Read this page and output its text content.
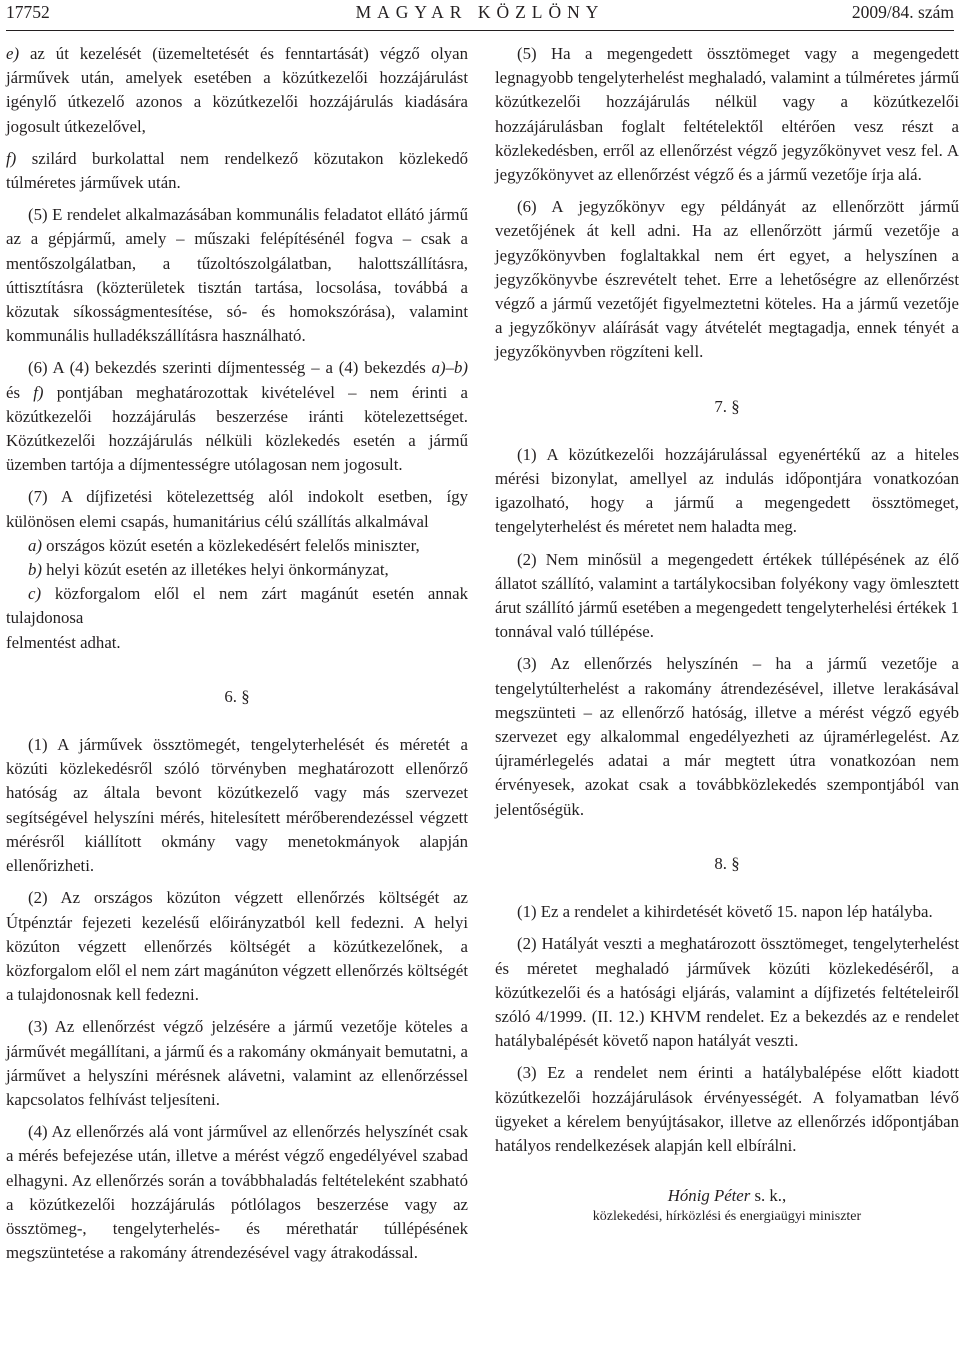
17752	MAGYAR KÖZLÖNY	2009/84. szám

e) az út kezelését (üzemeltetését és fenntartását) végző olyan járművek után, amelyek esetében a közútkezelői hozzájárulást igénylő útkezelő azonos a közútkezelői hozzájárulás kiadására jogosult útkezelővel,

f) szilárd burkolattal nem rendelkező közutakon közlekedő túlméretes járművek után.

(5) E rendelet alkalmazásában kommunális feladatot ellátó jármű az a gépjármű, amely – műszaki felépítésénél fogva – csak a mentőszolgálatban, a tűzoltószolgálatban, halottszállításra, úttisztításra (közterületek tisztán tartása, locsolása, továbbá a közutak síkosságmentesítése, só- és homokszórása), valamint kommunális hulladékszállításra használható.

(6) A (4) bekezdés szerinti díjmentesség – a (4) bekezdés a)–b) és f) pontjában meghatározottak kivételével – nem érinti a közútkezelői hozzájárulás beszerzése iránti kötelezettséget. Közútkezelői hozzájárulás nélküli közlekedés esetén a jármű üzemben tartója a díjmentességre utólagosan nem jogosult.

(7) A díjfizetési kötelezettség alól indokolt esetben, így különösen elemi csapás, humanitárius célú szállítás alkalmával

a) országos közút esetén a közlekedésért felelős miniszter,

b) helyi közút esetén az illetékes helyi önkormányzat,

c) közforgalom elől el nem zárt magánút esetén annak tulajdonosa

felmentést adhat.

6. §

(1) A járművek össztömegét, tengelyterhelését és méretét a közúti közlekedésről szóló törvényben meghatározott ellenőrző hatóság az általa bevont közútkezelő vagy más szervezet segítségével helyszíni mérés, hitelesített mérőberendezéssel végzett mérésről kiállított okmány vagy menetokmányok alapján ellenőrizheti.

(2) Az országos közúton végzett ellenőrzés költségét az Útpénztár fejezeti kezelésű előirányzatból kell fedezni. A helyi közúton végzett ellenőrzés költségét a közútkezelőnek, a közforgalom elől el nem zárt magánúton végzett ellenőrzés költségét a tulajdonosnak kell fedezni.

(3) Az ellenőrzést végző jelzésére a jármű vezetője köteles a járművét megállítani, a jármű és a rakomány okmányait bemutatni, a járművet a helyszíni mérésnek alávetni, valamint az ellenőrzéssel kapcsolatos felhívást teljesíteni.

(4) Az ellenőrzés alá vont járművel az ellenőrzés helyszínét csak a mérés befejezése után, illetve a mérést végző engedélyével szabad elhagyni. Az ellenőrzés során a továbbhaladás feltételeként szabható a közútkezelői hozzájárulás pótlólagos beszerzése vagy az össztömeg-, tengelyterhelés- és mérethatár túllépésének megszüntetése a rakomány átrendezésével vagy átrakodással.

(5) Ha a megengedett össztömeget vagy a megengedett legnagyobb tengelyterhelést meghaladó, valamint a túlméretes jármű közútkezelői hozzájárulás nélkül vagy a közútkezelői hozzájárulásban foglalt feltételektől eltérően vesz részt a közlekedésben, erről az ellenőrzést végző jegyzőkönyvet vesz fel. A jegyzőkönyvet az ellenőrzést végző és a jármű vezetője írja alá.

(6) A jegyzőkönyv egy példányát az ellenőrzött jármű vezetőjének át kell adni. Ha az ellenőrzött jármű vezetője a jegyzőkönyvben foglaltakkal nem ért egyet, a helyszínen a jegyzőkönyvbe észrevételt tehet. Erre a lehetőségre az ellenőrzést végző a jármű vezetőjét figyelmeztetni köteles. Ha a jármű vezetője a jegyzőkönyv aláírását vagy átvételét megtagadja, ennek tényét a jegyzőkönyvben rögzíteni kell.

7. §

(1) A közútkezelői hozzájárulással egyenértékű az a hiteles mérési bizonylat, amellyel az indulás időpontjára vonatkozóan igazolható, hogy a jármű a megengedett össztömeget, tengelyterhelést és méretet nem haladta meg.

(2) Nem minősül a megengedett értékek túllépésének az élő állatot szállító, valamint a tartálykocsiban folyékony vagy ömlesztett árut szállító jármű esetében a megengedett tengelyterhelési értékek 1 tonnával való túllépése.

(3) Az ellenőrzés helyszínén – ha a jármű vezetője a tengelytúlterhelést a rakomány átrendezésével, illetve lerakásával megszünteti – az ellenőrző hatóság, illetve a mérést végző egyéb szervezet egy alkalommal engedélyezheti az újramérlegelést. Az újramérlegelés adatai a már megtett útra vonatkozóan nem érvényesek, azokat csak a továbbközlekedés szempontjából van jelentőségük.

8. §

(1) Ez a rendelet a kihirdetését követő 15. napon lép hatályba.

(2) Hatályát veszti a meghatározott össztömeget, tengelyterhelést és méretet meghaladó járművek közúti közlekedéséről, a közútkezelői és a hatósági eljárás, valamint a díjfizetés feltételeiről szóló 4/1999. (II. 12.) KHVM rendelet. Ez a bekezdés az e rendelet hatálybalépését követő napon hatályát veszti.

(3) Ez a rendelet nem érinti a hatálybalépése előtt kiadott közútkezelői hozzájárulások érvényességét. A folyamatban lévő ügyeket a kérelem benyújtásakor, illetve az ellenőrzés időpontjában hatályos rendelkezések alapján kell elbírálni.

Hónig Péter s. k.,
közlekedési, hírközlési és energiaügyi miniszter
